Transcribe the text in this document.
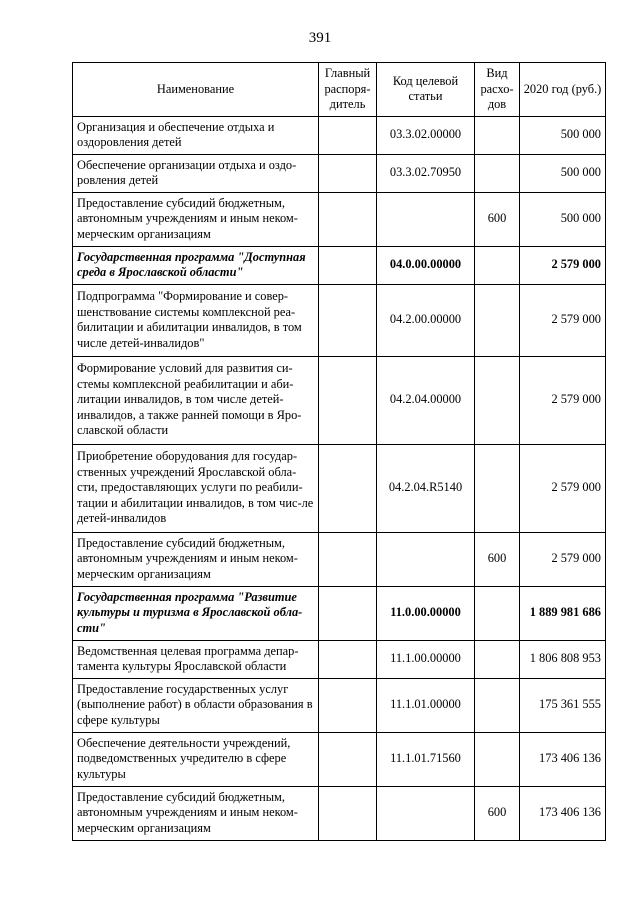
391
Наименование	Главный распоря-дитель	Код целевой статьи	Вид расхо-дов	2020 год (руб.)
Организация и обеспечение отдыха и оздоровления детей		03.3.02.00000		500 000
Обеспечение организации отдыха и оздо-ровления детей		03.3.02.70950		500 000
Предоставление субсидий бюджетным, автономным учреждениям и иным неком-мерческим организациям			600	500 000
Государственная программа "Доступная среда в Ярославской области"		04.0.00.00000		2 579 000
Подпрограмма "Формирование и совер-шенствование системы комплексной реа-билитации и абилитации инвалидов, в том числе детей-инвалидов"		04.2.00.00000		2 579 000
Формирование условий для развития си-стемы комплексной реабилитации и аби-литации инвалидов, в том числе детей-инвалидов, а также ранней помощи в Яро-славской области		04.2.04.00000		2 579 000
Приобретение оборудования для государ-ственных учреждений Ярославской обла-сти, предоставляющих услуги по реабили-тации и абилитации инвалидов, в том чис-ле детей-инвалидов		04.2.04.R5140		2 579 000
Предоставление субсидий бюджетным, автономным учреждениям и иным неком-мерческим организациям			600	2 579 000
Государственная программа "Развитие культуры и туризма в Ярославской обла-сти"		11.0.00.00000		1 889 981 686
Ведомственная целевая программа депар-тамента культуры Ярославской области		11.1.00.00000		1 806 808 953
Предоставление государственных услуг (выполнение работ) в области образования в сфере культуры		11.1.01.00000		175 361 555
Обеспечение деятельности учреждений, подведомственных учредителю в сфере культуры		11.1.01.71560		173 406 136
Предоставление субсидий бюджетным, автономным учреждениям и иным неком-мерческим организациям			600	173 406 136
